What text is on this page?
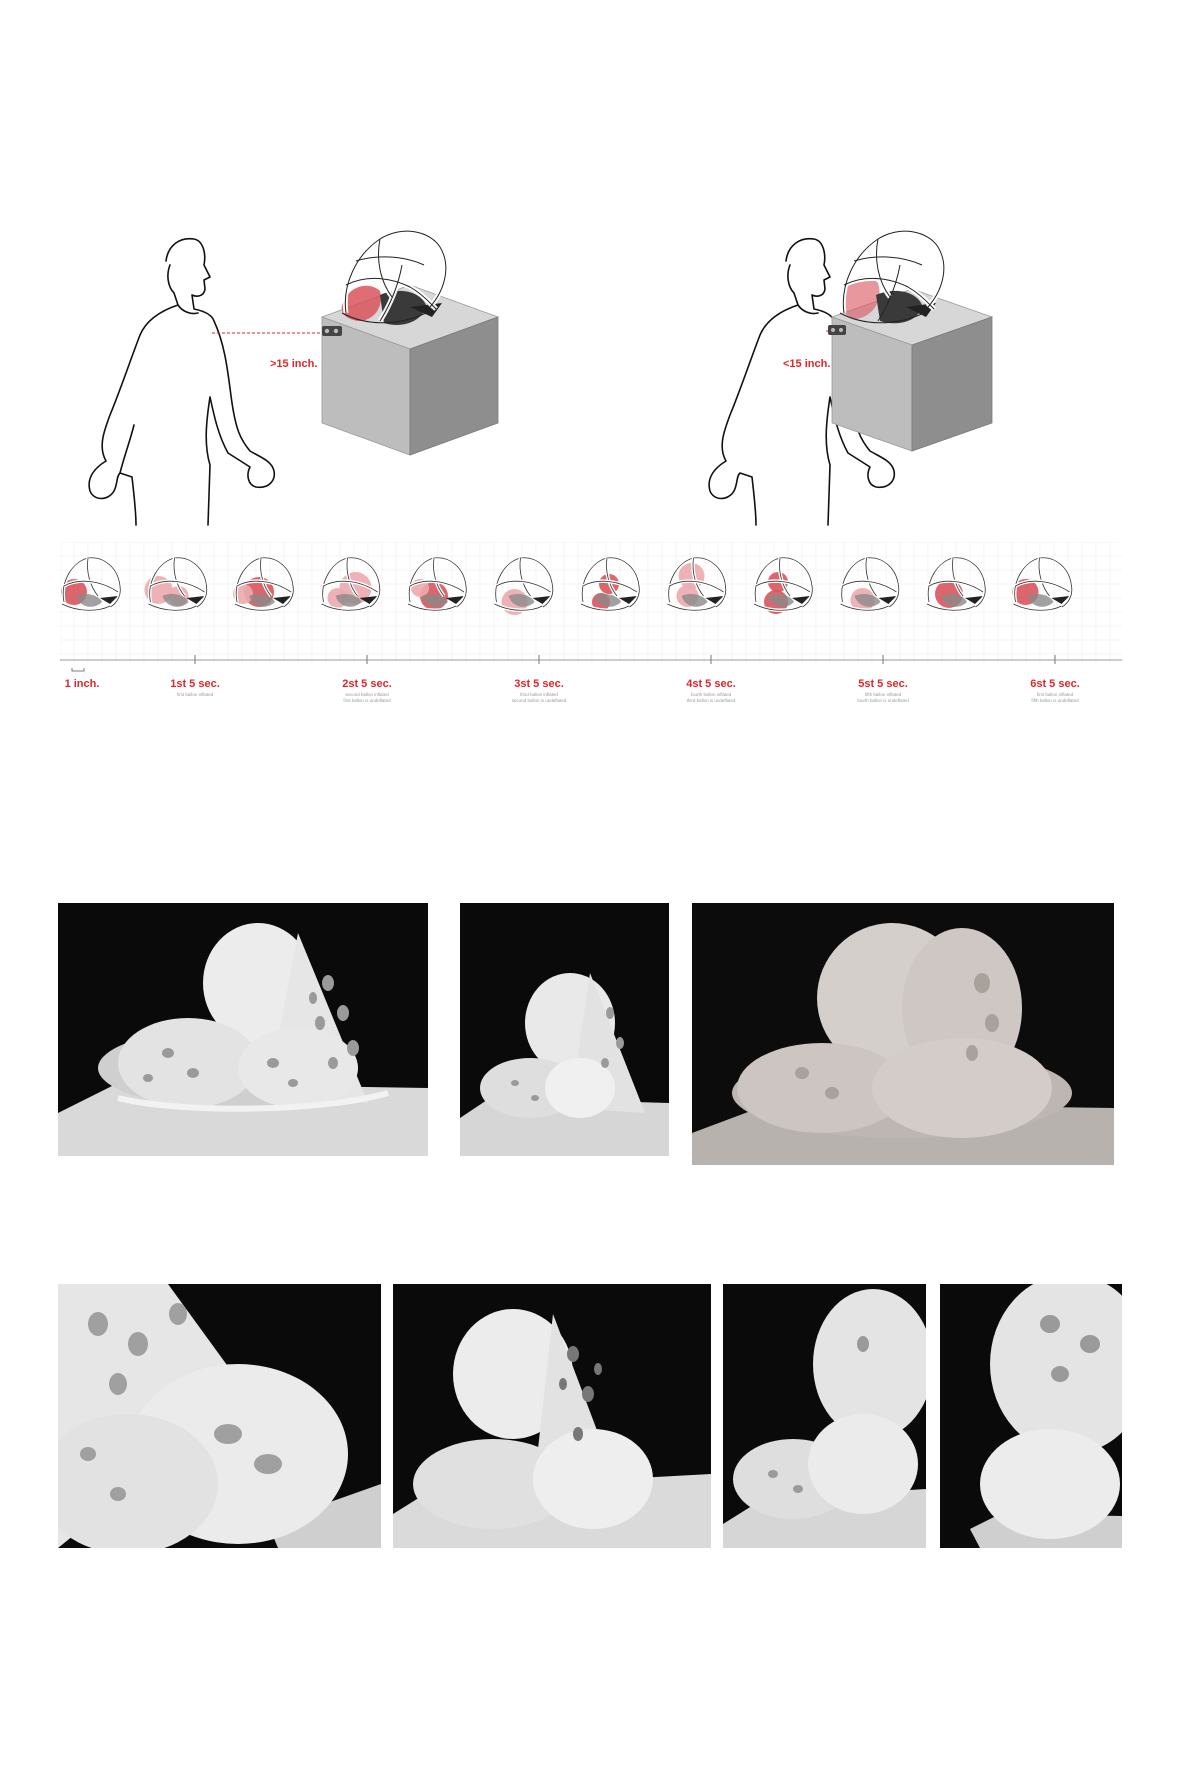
>15 inch.	<15 inch.
1 inch.	1st 5 sec.
first ballon inflated
2st 5 sec.
second ballon inflated
first ballon is undeflated
3st 5 sec.
third ballon inflated
second ballon is undeflated
4st 5 sec.
fourth ballon inflated
third ballon is undeflated
5st 5 sec.
fifth ballon inflated
fourth ballon is undeflated
6st 5 sec.
first ballon inflated
fifth ballon is undeflated
